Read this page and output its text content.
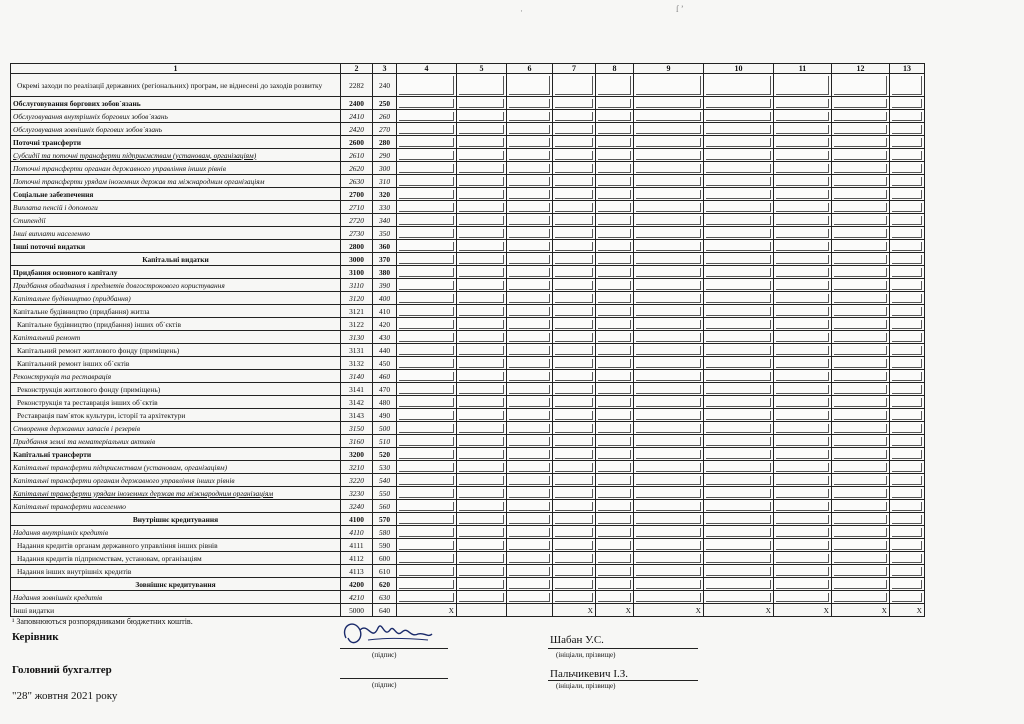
·	ſ ʼ
1	2	3	4	5	6	7	8	9	10	11	12	13
Окремі заходи по реалізації державних (регіональних) програм, не віднесені до заходів розвитку	2282	240	

Обслуговування боргових зобов`язань	2400	250	

Обслуговування внутрішніх боргових зобов`язань	2410	260	

Обслуговування зовнішніх боргових зобов`язань	2420	270	

Поточні трансферти	2600	280	

Субсидії та поточні трансферти підприємствам (установам, організаціям)	2610	290	

Поточні трансферти органам державного управління інших рівнів	2620	300	

Поточні трансферти урядам іноземних держав та міжнародним організаціям	2630	310	

Соціальне забезпечення	2700	320	

Виплата пенсій і допомоги	2710	330	

Стипендії	2720	340	

Інші виплати населенню	2730	350	

Інші поточні видатки	2800	360	

Капітальні видатки	3000	370	

Придбання основного капіталу	3100	380	

Придбання обладнання і предметів довгострокового користування	3110	390	

Капітальне будівництво (придбання)	3120	400	

Капітальне будівництво (придбання) житла	3121	410	

Капітальне будівництво (придбання) інших об`єктів	3122	420	

Капітальний ремонт	3130	430	

Капітальний ремонт житлового фонду (приміщень)	3131	440	

Капітальний ремонт інших об`єктів	3132	450	

Реконструкція та реставрація	3140	460	

Реконструкція житлового фонду (приміщень)	3141	470	

Реконструкція та реставрація інших об`єктів	3142	480	

Реставрація пам`яток культури, історії та архітектури	3143	490	

Створення державних запасів і резервів	3150	500	

Придбання землі та нематеріальних активів	3160	510	

Капітальні трансферти	3200	520	

Капітальні трансферти підприємствам (установам, організаціям)	3210	530	

Капітальні трансферти органам державного управління інших рівнів	3220	540	

Капітальні трансферти урядам іноземних держав та міжнародним організаціям	3230	550	

Капітальні трансферти населенню	3240	560	

Внутрішнє кредитування	4100	570	

Надання внутрішніх кредитів	4110	580	

Надання кредитів органам державного управління інших рівнів	4111	590	

Надання кредитів підприємствам, установам, організаціям	4112	600	

Надання інших внутрішніх кредитів	4113	610	

Зовнішнє кредитування	4200	620	

Надання зовнішніх кредитів	4210	630	

Інші видатки	5000	640	X			X	X	X	X	X	X	X
¹ Заповнюються розпорядниками бюджетних коштів.
Керівник
(підпис)
Шабан У.С.
(ініціали, прізвище)
Головний бухгалтер
(підпис)
Пальчикевич І.З.
(ініціали, прізвище)
"28" жовтня 2021 року
